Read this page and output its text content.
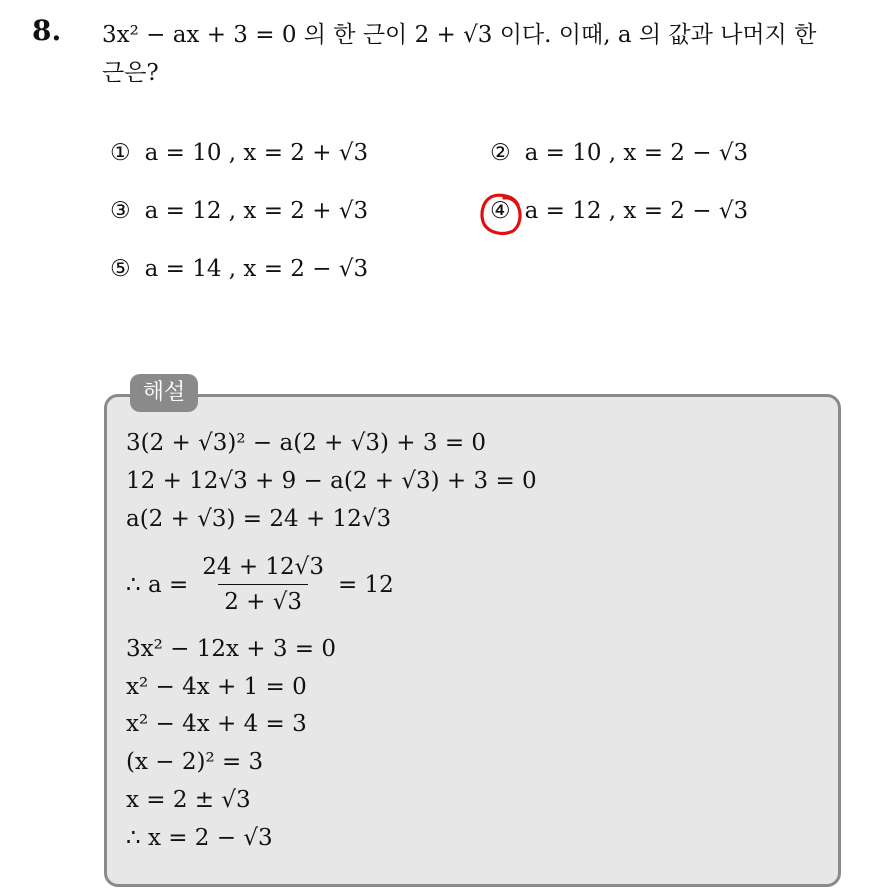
8. 3x² − ax + 3 = 0 의 한 근이 2 + √3 이다. 이때, a 의 값과 나머지 한
근은?
① a = 10 , x = 2 + √3	② a = 10 , x = 2 − √3
③ a = 12 , x = 2 + √3	④ a = 12 , x = 2 − √3
⑤ a = 14 , x = 2 − √3
해설
3(2 + √3)² − a(2 + √3) + 3 = 0
12 + 12√3 + 9 − a(2 + √3) + 3 = 0
a(2 + √3) = 24 + 12√3
∴ $a = \frac{24 + 12√3}{2 + √3} = 12$
3x² − 12x + 3 = 0
x² − 4x + 1 = 0
x² − 4x + 4 = 3
(x − 2)² = 3
x = 2 ± √3
∴ x = 2 − √3
